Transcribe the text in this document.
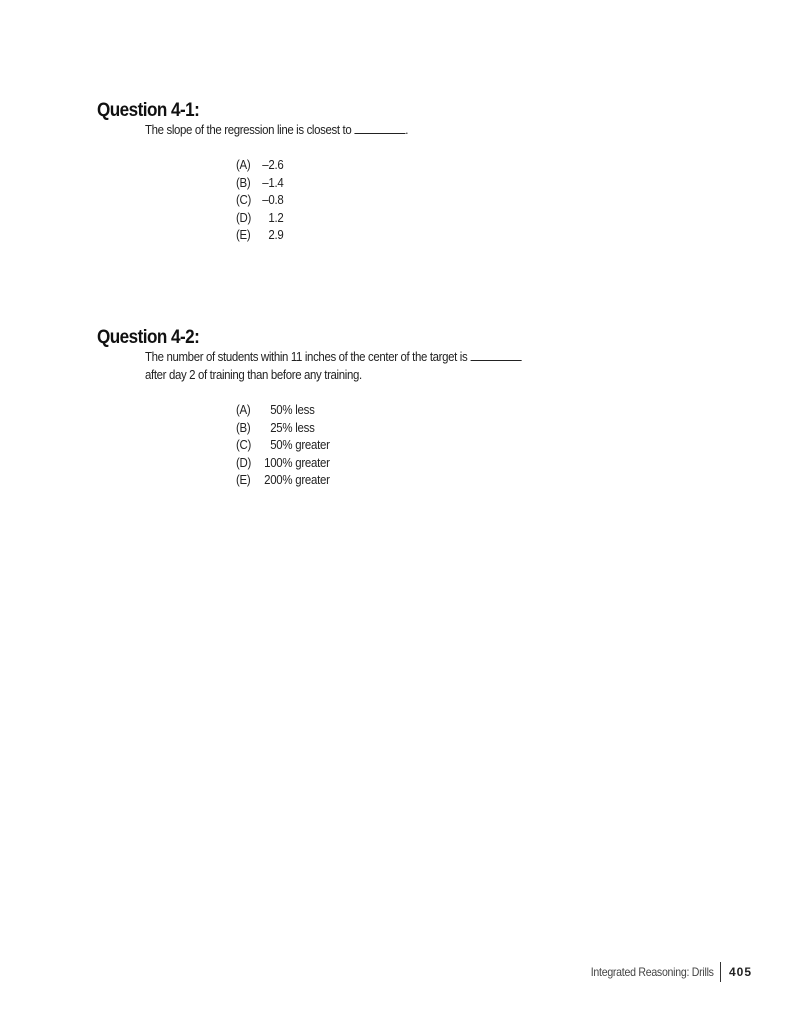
Question 4-1:
The slope of the regression line is closest to	.
(A) –2.6
(B) –1.4
(C) –0.8
(D) 1.2
(E) 2.9
Question 4-2:
The number of students within 11 inches of the center of the target is
after day 2 of training than before any training.
(A) 50% less
(B) 25% less
(C) 50% greater
(D) 100% greater
(E) 200% greater
Integrated Reasoning: Drills 405
